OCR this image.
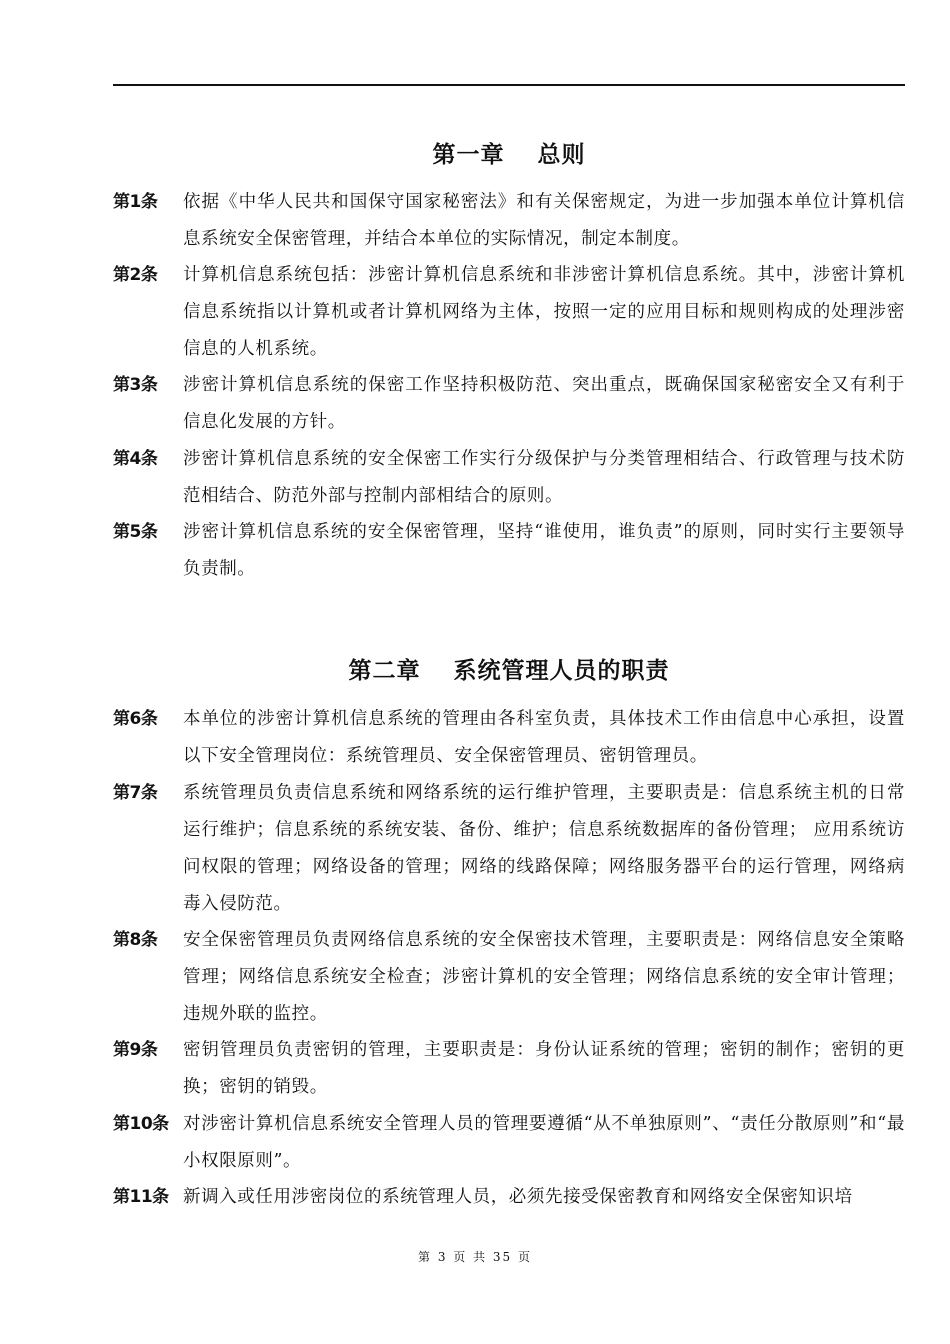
第一章　 总则
第1条	依据《中华人民共和国保守国家秘密法》和有关保密规定，为进一步加强本单位计算机信息系统安全保密管理，并结合本单位的实际情况，制定本制度。
第2条	计算机信息系统包括：涉密计算机信息系统和非涉密计算机信息系统。其中，涉密计算机信息系统指以计算机或者计算机网络为主体，按照一定的应用目标和规则构成的处理涉密信息的人机系统。
第3条	涉密计算机信息系统的保密工作坚持积极防范、突出重点，既确保国家秘密安全又有利于信息化发展的方针。
第4条	涉密计算机信息系统的安全保密工作实行分级保护与分类管理相结合、行政管理与技术防范相结合、防范外部与控制内部相结合的原则。
第5条	涉密计算机信息系统的安全保密管理，坚持“谁使用，谁负责”的原则，同时实行主要领导负责制。
第二章　 系统管理人员的职责
第6条	本单位的涉密计算机信息系统的管理由各科室负责，具体技术工作由信息中心承担，设置以下安全管理岗位：系统管理员、安全保密管理员、密钥管理员。
第7条	系统管理员负责信息系统和网络系统的运行维护管理，主要职责是：信息系统主机的日常运行维护；信息系统的系统安装、备份、维护；信息系统数据库的备份管理； 应用系统访问权限的管理；网络设备的管理；网络的线路保障；网络服务器平台的运行管理，网络病毒入侵防范。
第8条	安全保密管理员负责网络信息系统的安全保密技术管理，主要职责是：网络信息安全策略管理；网络信息系统安全检查；涉密计算机的安全管理；网络信息系统的安全审计管理；违规外联的监控。
第9条	密钥管理员负责密钥的管理，主要职责是：身份认证系统的管理；密钥的制作；密钥的更换；密钥的销毁。
第10条 对涉密计算机信息系统安全管理人员的管理要遵循“从不单独原则”、“责任分散原则”和“最小权限原则”。
第11条 新调入或任用涉密岗位的系统管理人员，必须先接受保密教育和网络安全保密知识培
第 3 页 共 35 页
